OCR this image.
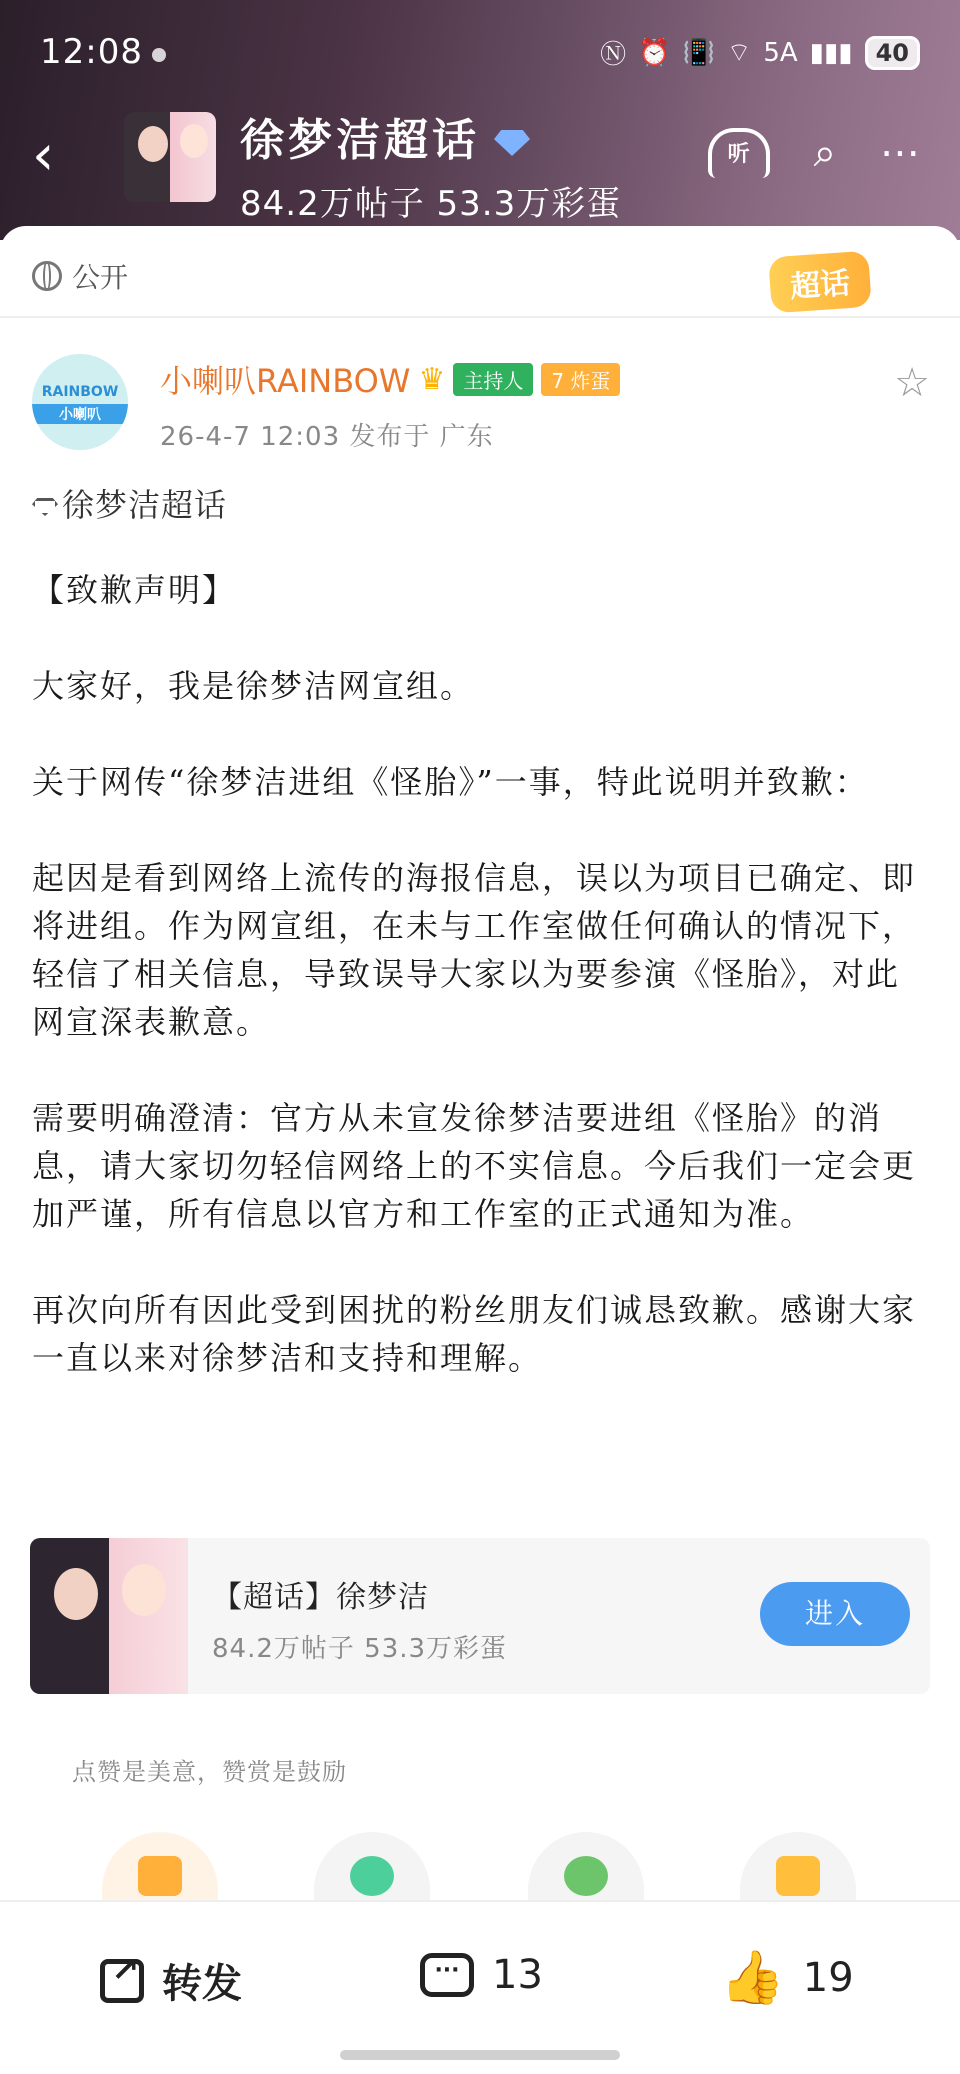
12:08	Ⓝ ⏰ 📳 ⌔ 5A ▮▮▮ 40
‹	徐梦洁超话
84.2万帖子 53.3万彩蛋
听	⌕ ⋯
公开	超话
RAINBOW
小喇叭
小喇叭RAINBOW ♛ 主持人	7 炸蛋
26-4-7 12:03 发布于 广东
☆
徐梦洁超话

【致歉声明】

大家好，我是徐梦洁网宣组。

关于网传“徐梦洁进组《怪胎》”一事，特此说明并致歉：

起因是看到网络上流传的海报信息，误以为项目已确定、即将进组。作为网宣组，在未与工作室做任何确认的情况下，轻信了相关信息，导致误导大家以为要参演《怪胎》，对此网宣深表歉意。

需要明确澄清：官方从未宣发徐梦洁要进组《怪胎》的消息，请大家切勿轻信网络上的不实信息。今后我们一定会更加严谨，所有信息以官方和工作室的正式通知为准。

再次向所有因此受到困扰的粉丝朋友们诚恳致歉。感谢大家一直以来对徐梦洁和支持和理解。

【超话】徐梦洁
84.2万帖子 53.3万彩蛋
进入
点赞是美意，赞赏是鼓励
↗
转发	··· 13	👍 19
